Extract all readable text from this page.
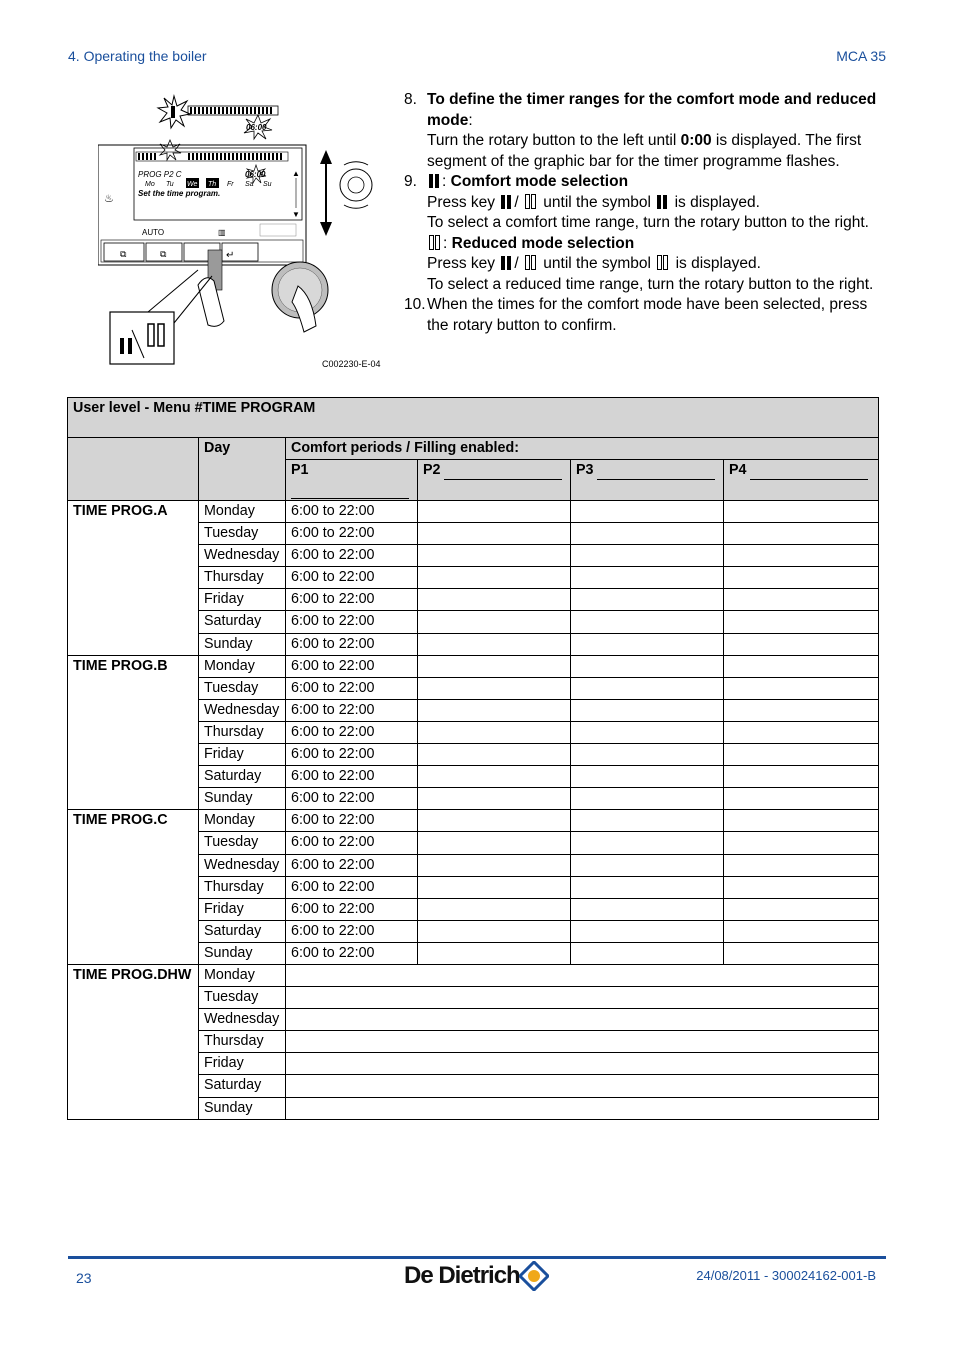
4. Operating the boiler	MCA 35
06:00
PROG P2 C	06:00
Mo Tu We Th Fr Sa Su
Set the time program.
▲
▼
AUTO
♨
▥
⧉	⧉	↵
C002230-E-04
8. To define the timer ranges for the comfort mode and reduced mode:
Turn the rotary button to the left until 0:00 is displayed. The first segment of the graphic bar for the timer programme flashes.
9.	: Comfort mode selection
Press key /  until the symbol  is displayed.
To select a comfort time range, turn the rotary button to the right.
: Reduced mode selection
Press key /  until the symbol  is displayed.
To select a reduced time range, turn the rotary button to the right.
10. When the times for the comfort mode have been selected, press the rotary button to confirm.
User level - Menu #TIME PROGRAM					
	Day	Comfort periods / Filling enabled:			
		P1	P2	P3	P4
TIME PROG.A	Monday	6:00 to 22:00			
	Tuesday	6:00 to 22:00			
	Wednesday	6:00 to 22:00			
	Thursday	6:00 to 22:00			
	Friday	6:00 to 22:00			
	Saturday	6:00 to 22:00			
	Sunday	6:00 to 22:00			
TIME PROG.B	Monday	6:00 to 22:00			
	Tuesday	6:00 to 22:00			
	Wednesday	6:00 to 22:00			
	Thursday	6:00 to 22:00			
	Friday	6:00 to 22:00			
	Saturday	6:00 to 22:00			
	Sunday	6:00 to 22:00			
TIME PROG.C	Monday	6:00 to 22:00			
	Tuesday	6:00 to 22:00			
	Wednesday	6:00 to 22:00			
	Thursday	6:00 to 22:00			
	Friday	6:00 to 22:00			
	Saturday	6:00 to 22:00			
	Sunday	6:00 to 22:00			
TIME PROG.DHW	Monday				
	Tuesday				
	Wednesday				
	Thursday				
	Friday				
	Saturday				
	Sunday				
23	De Dietrich	24/08/2011 - 300024162-001-B
